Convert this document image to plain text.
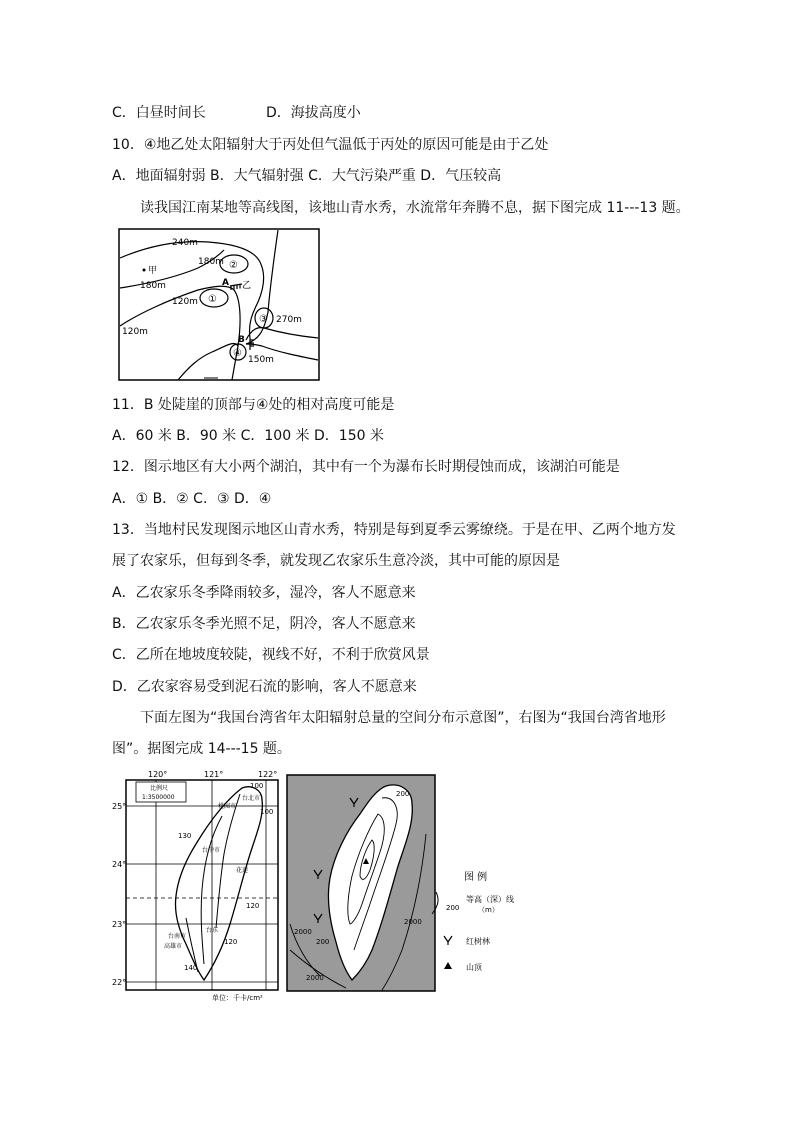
C．白昼时间长	D．海拔高度小
10．④地乙处太阳辐射大于丙处但气温低于丙处的原因可能是由于乙处
A．地面辐射弱 B．大气辐射强 C．大气污染严重 D．气压较高
读我国江南某地等高线图，该地山青水秀，水流常年奔腾不息，据下图完成 11---13 题。
240m
180m
180m
120m
120m
270m
150m
甲
乙
A
B
①
②
③
④
11．B 处陡崖的顶部与④处的相对高度可能是
A．60 米 B．90 米 C．100 米 D．150 米
12．图示地区有大小两个湖泊，其中有一个为瀑布长时期侵蚀而成，该湖泊可能是
A．① B．② C．③ D．④
13．当地村民发现图示地区山青水秀，特别是每到夏季云雾缭绕。于是在甲、乙两个地方发
展了农家乐，但每到冬季，就发现乙农家乐生意冷淡，其中可能的原因是
A．乙农家乐冬季降雨较多，湿冷，客人不愿意来
B．乙农家乐冬季光照不足，阴冷，客人不愿意来
C．乙所在地坡度较陡，视线不好，不利于欣赏风景
D．乙农家容易受到泥石流的影响，客人不愿意来
下面左图为“我国台湾省年太阳辐射总量的空间分布示意图”，右图为“我国台湾省地形
图”。据图完成 14---15 题。
120°	121°	122°
25°
24°
23°
22°
比例尺
1:3500000
100
100
130
120
140
120
台北市
桃园市
台中市
花莲
台南市
高雄市
台东
单位：千卡/cm²
200
2000
200
2000
2000
图 例
200
等高（深）线
（m）
红树林
山顶
